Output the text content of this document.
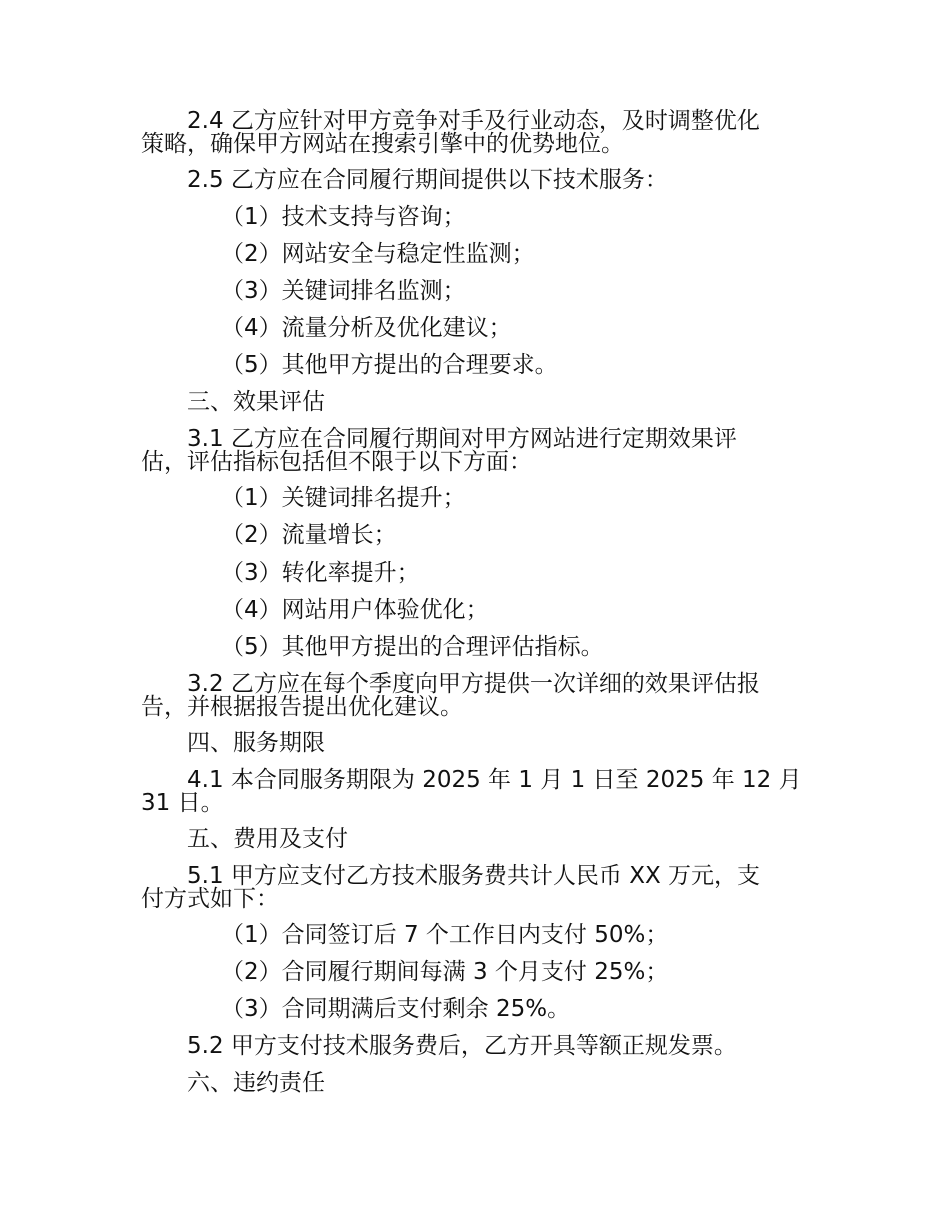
2.4 乙方应针对甲方竞争对手及行业动态，及时调整优化
策略，确保甲方网站在搜索引擎中的优势地位。
2.5 乙方应在合同履行期间提供以下技术服务：
（1）技术支持与咨询；
（2）网站安全与稳定性监测；
（3）关键词排名监测；
（4）流量分析及优化建议；
（5）其他甲方提出的合理要求。
三、效果评估
3.1 乙方应在合同履行期间对甲方网站进行定期效果评
估，评估指标包括但不限于以下方面：
（1）关键词排名提升；
（2）流量增长；
（3）转化率提升；
（4）网站用户体验优化；
（5）其他甲方提出的合理评估指标。
3.2 乙方应在每个季度向甲方提供一次详细的效果评估报
告，并根据报告提出优化建议。
四、服务期限
4.1 本合同服务期限为 2025 年 1 月 1 日至 2025 年 12 月
31 日。
五、费用及支付
5.1 甲方应支付乙方技术服务费共计人民币 XX 万元，支
付方式如下：
（1）合同签订后 7 个工作日内支付 50%；
（2）合同履行期间每满 3 个月支付 25%；
（3）合同期满后支付剩余 25%。
5.2 甲方支付技术服务费后，乙方开具等额正规发票。
六、违约责任
